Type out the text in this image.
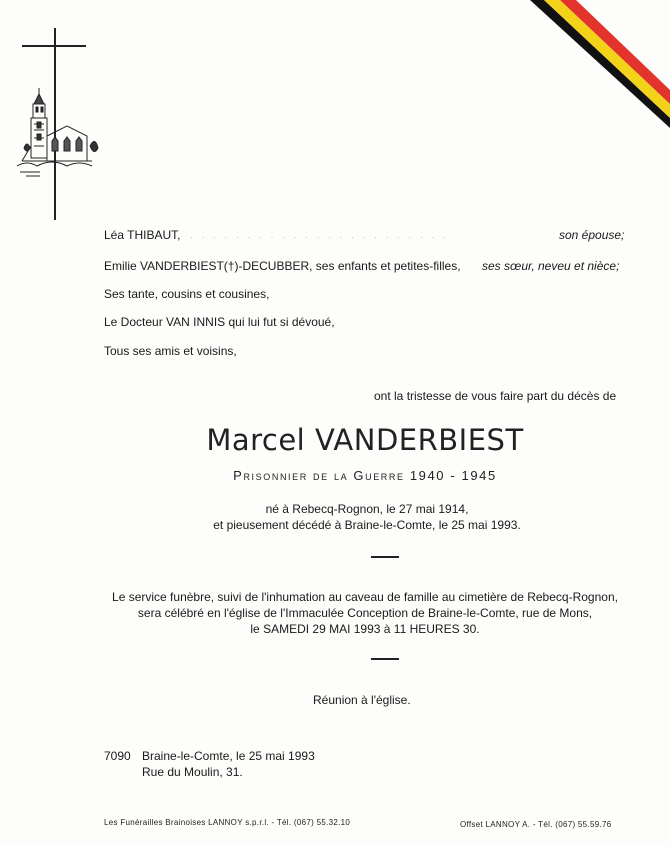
Léa THIBAUT, · · · · · · · · · · · · · · · · · · · · · · ·	son épouse;
Emilie VANDERBIEST(†)-DECUBBER, ses enfants et petites-filles, ses sœur, neveu et nièce;
Ses tante, cousins et cousines,
Le Docteur VAN INNIS qui lui fut si dévoué,
Tous ses amis et voisins,
ont la tristesse de vous faire part du décès de
Marcel VANDERBIEST
Prisonnier de la Guerre 1940 - 1945
né à Rebecq-Rognon, le 27 mai 1914,
et pieusement décédé à Braine-le-Comte, le 25 mai 1993.
Le service funèbre, suivi de l'inhumation au caveau de famille au cimetière de Rebecq-Rognon,
sera célébré en l'église de l'Immaculée Conception de Braine-le-Comte, rue de Mons,
le SAMEDI 29 MAI 1993 à 11 HEURES 30.
Réunion à l'église.
7090 Braine-le-Comte, le 25 mai 1993
Rue du Moulin, 31.
Les Funérailles Brainoises LANNOY s.p.r.l. - Tél. (067) 55.32.10	Offset LANNOY A. - Tél. (067) 55.59.76
